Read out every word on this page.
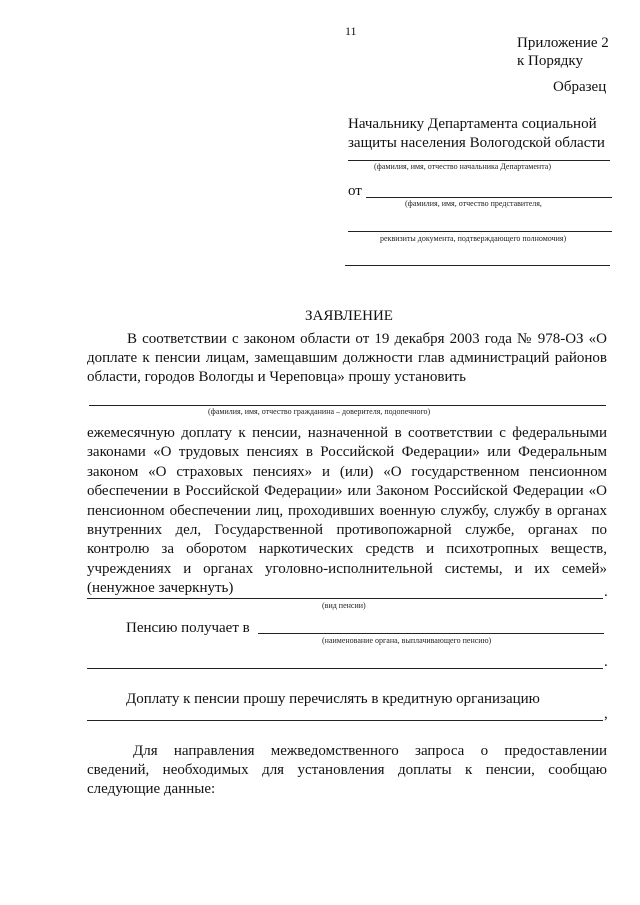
11
Приложение 2
к Порядку
Образец
Начальнику Департамента социальной
защиты населения Вологодской области
(фамилия, имя, отчество начальника Департамента)
от
(фамилия, имя, отчество представителя,
реквизиты документа, подтверждающего полномочия)
ЗАЯВЛЕНИЕ
В соответствии с законом области от 19 декабря 2003 года № 978-ОЗ «О
доплате к пенсии лицам, замещавшим должности глав администраций районов
области, городов Вологды и Череповца» прошу установить
(фамилия, имя, отчество гражданина – доверителя, подопечного)
ежемесячную доплату к пенсии, назначенной в соответствии с федеральными
законами «О трудовых пенсиях в Российской Федерации» или Федеральным
законом «О страховых пенсиях» и (или) «О государственном пенсионном
обеспечении в Российской Федерации» или Законом Российской Федерации «О
пенсионном обеспечении лиц, проходивших военную службу, службу в органах
внутренних дел, Государственной противопожарной службе, органах по
контролю за оборотом наркотических средств и психотропных веществ,
учреждениях и органах уголовно-исполнительной системы, и их семей»
(ненужное зачеркнуть)	.
(вид пенсии)
Пенсию получает в
(наименование органа, выплачивающего пенсию)
.
Доплату к пенсии прошу перечислять в кредитную организацию
,
Для направления межведомственного запроса о предоставлении
сведений, необходимых для установления доплаты к пенсии, сообщаю
следующие данные:
